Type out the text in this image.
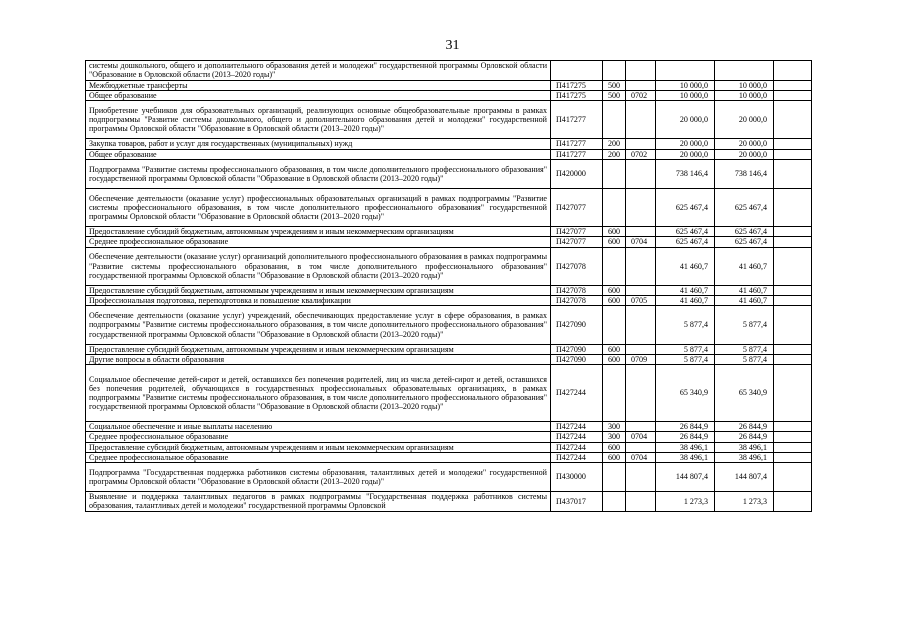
31
системы дошкольного, общего и дополнительного образования детей и молодежи" государственной программы Орловской области "Образование в Орловской области (2013–2020 годы)"						
Межбюджетные трансферты	П417275	500		10 000,0	10 000,0	
Общее образование	П417275	500	0702	10 000,0	10 000,0	
Приобретение учебников для образовательных организаций, реализующих основные общеобразовательные программы в рамках подпрограммы "Развитие системы дошкольного, общего и дополнительного образования детей и молодежи" государственной программы Орловской области "Образование в Орловской области (2013–2020 годы)"	П417277			20 000,0	20 000,0	
Закупка товаров, работ и услуг для государственных (муниципальных) нужд	П417277	200		20 000,0	20 000,0	
Общее образование	П417277	200	0702	20 000,0	20 000,0	
Подпрограмма "Развитие системы профессионального образования, в том числе дополнительного профессионального образования" государственной программы Орловской области "Образование в Орловской области (2013–2020 годы)"	П420000			738 146,4	738 146,4	
Обеспечение деятельности (оказание услуг) профессиональных образовательных организаций в рамках подпрограммы "Развитие системы профессионального образования, в том числе дополнительного профессионального образования" государственной программы Орловской области "Образование в Орловской области (2013–2020 годы)"	П427077			625 467,4	625 467,4	
Предоставление субсидий бюджетным, автономным учреждениям и иным некоммерческим организациям	П427077	600		625 467,4	625 467,4	
Среднее профессиональное образование	П427077	600	0704	625 467,4	625 467,4	
Обеспечение деятельности (оказание услуг) организаций дополнительного профессионального образования в рамках подпрограммы "Развитие системы профессионального образования, в том числе дополнительного профессионального образования" государственной программы Орловской области "Образование в Орловской области (2013–2020 годы)"	П427078			41 460,7	41 460,7	
Предоставление субсидий бюджетным, автономным учреждениям и иным некоммерческим организациям	П427078	600		41 460,7	41 460,7	
Профессиональная подготовка, переподготовка и повышение квалификации	П427078	600	0705	41 460,7	41 460,7	
Обеспечение деятельности (оказание услуг) учреждений, обеспечивающих предоставление услуг в сфере образования, в рамках подпрограммы "Развитие системы профессионального образования, в том числе дополнительного профессионального образования" государственной программы Орловской области "Образование в Орловской области (2013–2020 годы)"	П427090			5 877,4	5 877,4	
Предоставление субсидий бюджетным, автономным учреждениям и иным некоммерческим организациям	П427090	600		5 877,4	5 877,4	
Другие вопросы в области образования	П427090	600	0709	5 877,4	5 877,4	
Социальное обеспечение детей-сирот и детей, оставшихся без попечения родителей, лиц из числа детей-сирот и детей, оставшихся без попечения родителей, обучающихся в государственных профессиональных образовательных организациях, в рамках подпрограммы "Развитие системы профессионального образования, в том числе дополнительного профессионального образования" государственной программы Орловской области "Образование в Орловской области (2013–2020 годы)"	П427244			65 340,9	65 340,9	
Социальное обеспечение и иные выплаты населению	П427244	300		26 844,9	26 844,9	
Среднее профессиональное образование	П427244	300	0704	26 844,9	26 844,9	
Предоставление субсидий бюджетным, автономным учреждениям и иным некоммерческим организациям	П427244	600		38 496,1	38 496,1	
Среднее профессиональное образование	П427244	600	0704	38 496,1	38 496,1	
Подпрограмма "Государственная поддержка работников системы образования, талантливых детей и молодежи" государственной программы Орловской области "Образование в Орловской области (2013–2020 годы)"	П430000			144 807,4	144 807,4	
Выявление и поддержка талантливых педагогов в рамках подпрограммы "Государственная поддержка работников системы образования, талантливых детей и молодежи" государственной программы Орловской	П437017			1 273,3	1 273,3	
